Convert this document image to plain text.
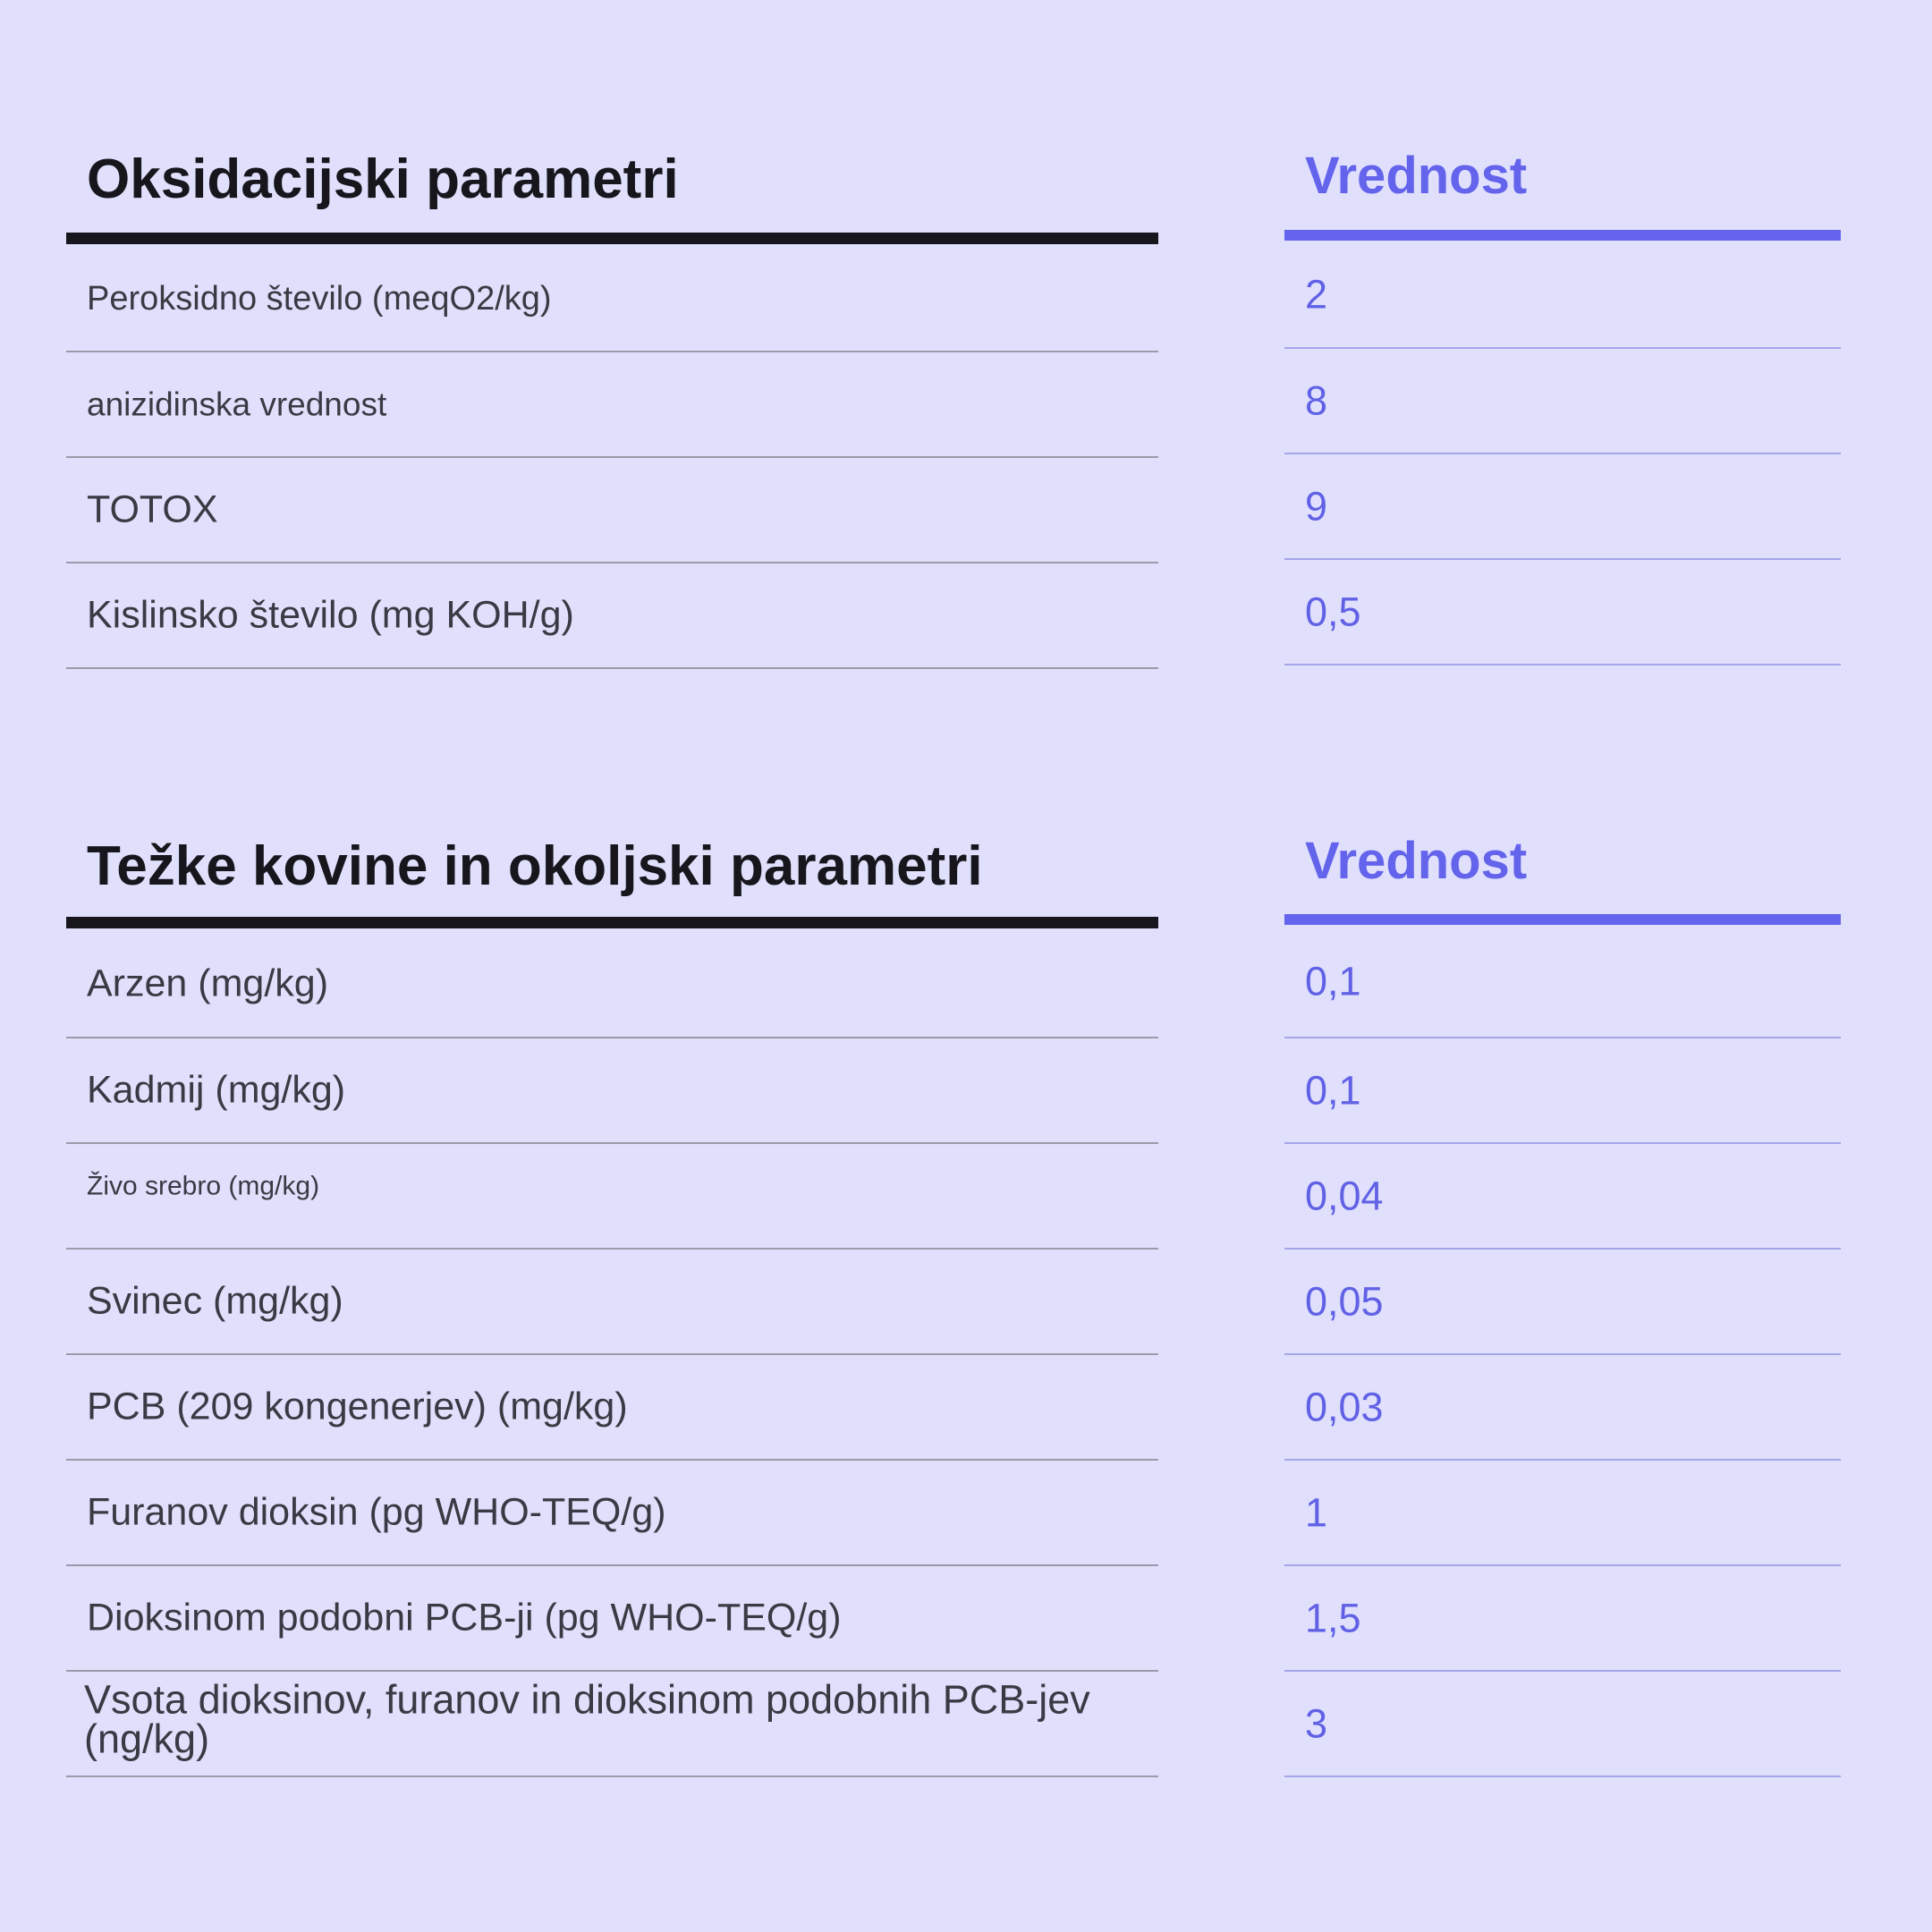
Oksidacijski parametri
Peroksidno število (meqO2/kg)
anizidinska vrednost
TOTOX
Kislinsko število (mg KOH/g)
Vrednost
2
8
9
0,5
Težke kovine in okoljski parametri
Arzen (mg/kg)
Kadmij (mg/kg)
Živo srebro (mg/kg)
Svinec (mg/kg)
PCB (209 kongenerjev) (mg/kg)
Furanov dioksin (pg WHO-TEQ/g)
Dioksinom podobni PCB-ji (pg WHO-TEQ/g)
Vsota dioksinov, furanov in dioksinom podobnih PCB-jev (ng/kg)
Vrednost
0,1
0,1
0,04
0,05
0,03
1
1,5
3
